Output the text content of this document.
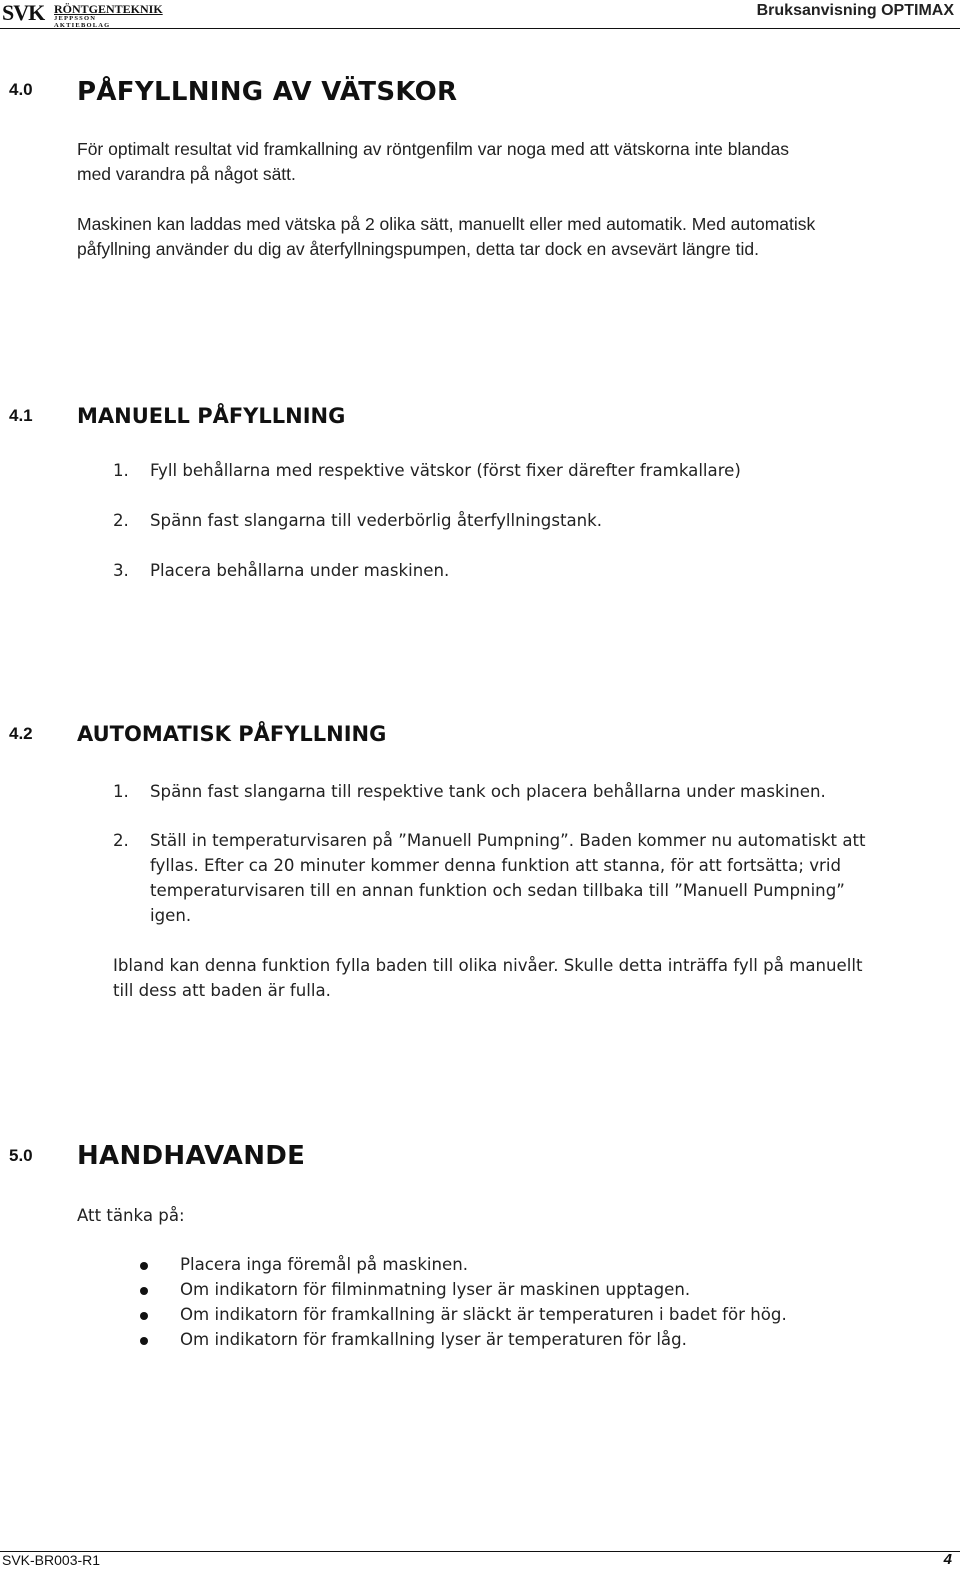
SVK RÖNTGENTEKNIK
JEPPSSON AKTIEBOLAG
Bruksanvisning OPTIMAX
4.0 PÅFYLLNING AV VÄTSKOR
För optimalt resultat vid framkallning av röntgenfilm var noga med att vätskorna inte blandas
med varandra på något sätt.
Maskinen kan laddas med vätska på 2 olika sätt, manuellt eller med automatik. Med automatisk
påfyllning använder du dig av återfyllningspumpen, detta tar dock en avsevärt längre tid.
4.1 MANUELL PÅFYLLNING
1. Fyll behållarna med respektive vätskor (först fixer därefter framkallare)
2. Spänn fast slangarna till vederbörlig återfyllningstank.
3. Placera behållarna under maskinen.
4.2 AUTOMATISK PÅFYLLNING
1. Spänn fast slangarna till respektive tank och placera behållarna under maskinen.
2. Ställ in temperaturvisaren på ”Manuell Pumpning”. Baden kommer nu automatiskt att
fyllas. Efter ca 20 minuter kommer denna funktion att stanna, för att fortsätta; vrid
temperaturvisaren till en annan funktion och sedan tillbaka till ”Manuell Pumpning”
igen.
Ibland kan denna funktion fylla baden till olika nivåer. Skulle detta inträffa fyll på manuellt
till dess att baden är fulla.
5.0 HANDHAVANDE
Att tänka på:
Placera inga föremål på maskinen.
Om indikatorn för filminmatning lyser är maskinen upptagen.
Om indikatorn för framkallning är släckt är temperaturen i badet för hög.
Om indikatorn för framkallning lyser är temperaturen för låg.
SVK-BR003-R1	4
